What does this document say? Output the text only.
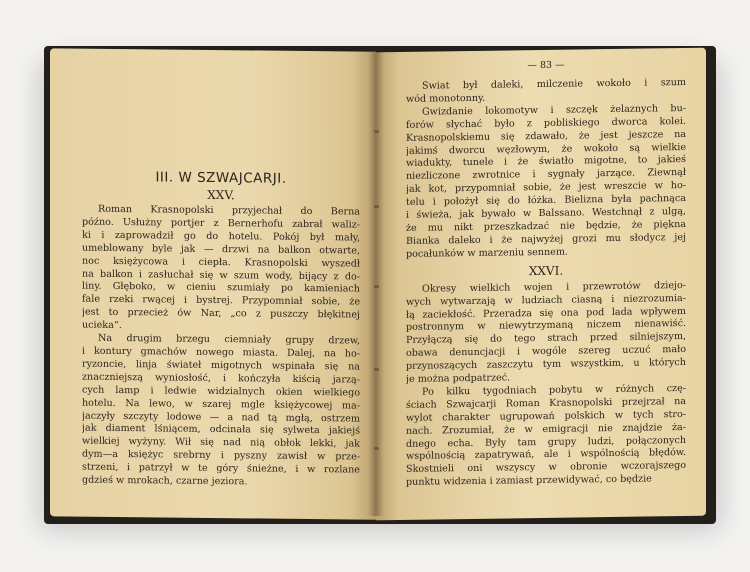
III. W SZWAJCARJI.
XXV.

Roman Krasnopolski przyjechał do Berna
późno. Usłużny portjer z Bernerhofu zabrał waliz-
ki i zaprowadził go do hotelu. Pokój był mały,
umeblowany byle jak — drzwi na balkon otwarte,
noc księżycowa i ciepła. Krasnopolski wyszedł
na balkon i zasłuchał się w szum wody, bijący z do-
liny. Głęboko, w cieniu szumiały po kamieniach
fale rzeki rwącej i bystrej. Przypomniał sobie, że
jest to przecież ów Nar, „co z puszczy błękitnej
ucieka“.

Na drugim brzegu ciemniały grupy drzew,
i kontury gmachów nowego miasta. Dalej, na ho-
ryzoncie, linja świateł migotnych wspinała się na
znaczniejszą wyniosłość, i kończyła kiścią jarzą-
cych lamp i ledwie widzialnych okien wielkiego
hotelu. Na lewo, w szarej mgle księżycowej ma-
jaczyły szczyty lodowe — a nad tą mgłą, ostrzem
jak diament lśniącem, odcinała się sylweta jakiejś
wielkiej wyżyny. Wił się nad nią obłok lekki, jak
dym—a księżyc srebrny i pyszny zawisł w prze-
strzeni, i patrzył w te góry śnieżne, i w rozlane
gdzieś w mrokach, czarne jeziora.

— 83 —

Świat był daleki, milczenie wokoło i szum
wód monotonny.

Gwizdanie lokomotyw i szczęk żelaznych bu-
forów słychać było z pobliskiego dworca kolei.
Krasnopolskiemu się zdawało, że jest jeszcze na
jakimś dworcu węzłowym, że wokoło są wielkie
wiadukty, tunele i że światło migotne, to jakieś
niezliczone zwrotnice i sygnały jarzące. Ziewnął
jak kot, przypomniał sobie, że jest wreszcie w ho-
telu i położył się do łóżka. Bielizna była pachnąca
i świeża, jak bywało w Balssano. Westchnął z ulgą,
że mu nikt przeszkadzać nie będzie, że piękna
Bianka daleko i że najwyżej grozi mu słodycz jej
pocałunków w marzeniu sennem.

XXVI.

Okresy wielkich wojen i przewrotów dziejo-
wych wytwarzają w ludziach ciasną i niezrozumia-
łą zaciekłość. Przeradza się ona pod lada wpływem
postronnym w niewytrzymaną niczem nienawiść.
Przyłączą się do tego strach przed silniejszym,
obawa denuncjacji i wogóle szereg uczuć mało
przynoszących zaszczytu tym wszystkim, u których
je można podpatrzeć.

Po kilku tygodniach pobytu w różnych czę-
ściach Szwajcarji Roman Krasnopolski przejrzał na
wylot charakter ugrupowań polskich w tych stro-
nach. Zrozumiał, że w emigracji nie znajdzie ża-
dnego echa. Były tam grupy ludzi, połączonych
wspólnością zapatrywań, ale i wspólnością błędów.
Skostnieli oni wszyscy w obronie wczorajszego
punktu widzenia i zamiast przewidywać, co będzie
